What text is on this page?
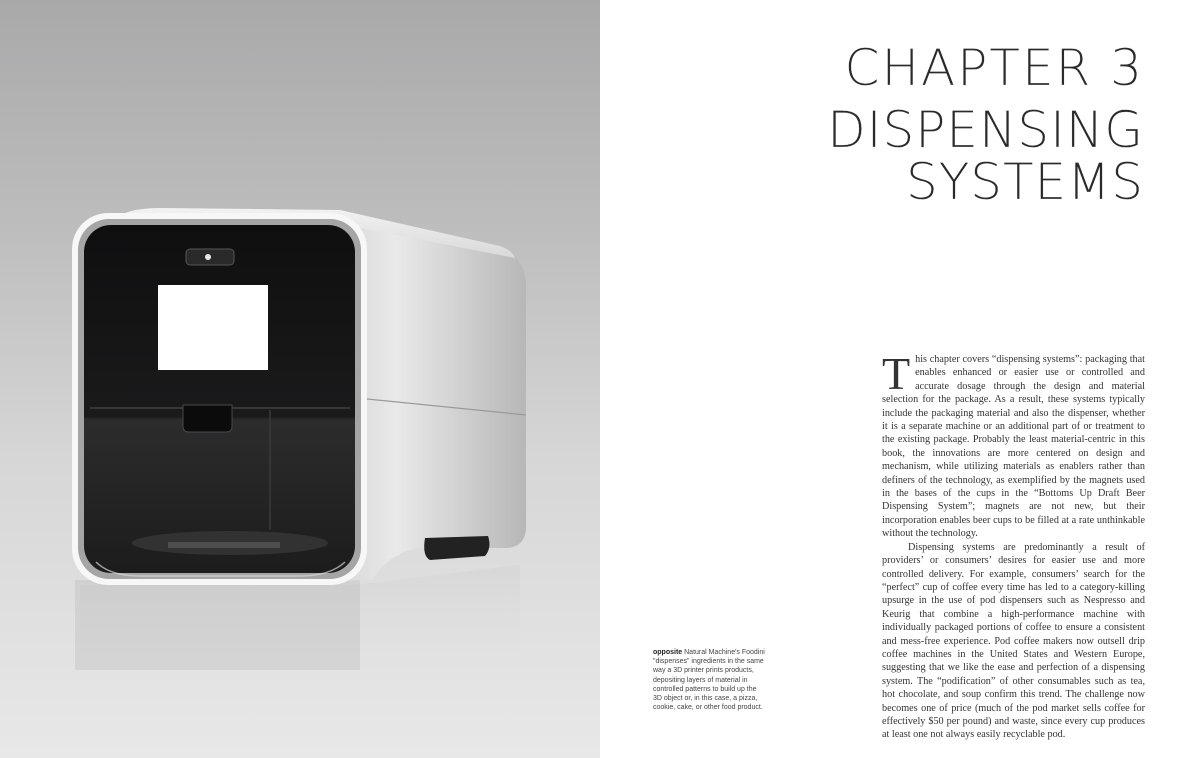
opposite Natural Machine's Foodini "dispenses" ingredients in the same way a 3D printer prints products, depositing layers of material in controlled patterns to build up the 3D object or, in this case, a pizza, cookie, cake, or other food product.
CHAPTER 3
DISPENSING SYSTEMS

This chapter covers “dispensing systems”: packaging that enables enhanced or easier use or controlled and accurate dosage through the design and material selection for the package. As a result, these systems typically include the packaging material and also the dispenser, whether it is a separate machine or an additional part of or treatment to the existing package. Probably the least material-centric in this book, the innovations are more centered on design and mechanism, while utilizing materials as enablers rather than definers of the technology, as exemplified by the magnets used in the bases of the cups in the “Bottoms Up Draft Beer Dispensing System”; magnets are not new, but their incorporation enables beer cups to be filled at a rate unthinkable without the technology.

Dispensing systems are predominantly a result of providers’ or consumers’ desires for easier use and more controlled delivery. For example, consumers’ search for the “perfect” cup of coffee every time has led to a category-killing upsurge in the use of pod dispensers such as Nespresso and Keurig that combine a high-performance machine with individually packaged portions of coffee to ensure a consistent and mess-free experience. Pod coffee makers now outsell drip coffee machines in the United States and Western Europe, suggesting that we like the ease and perfection of a dispensing system. The “podification” of other consumables such as tea, hot chocolate, and soup confirm this trend. The challenge now becomes one of price (much of the pod market sells coffee for effectively $50 per pound) and waste, since every cup produces at least one not always easily recyclable pod.
